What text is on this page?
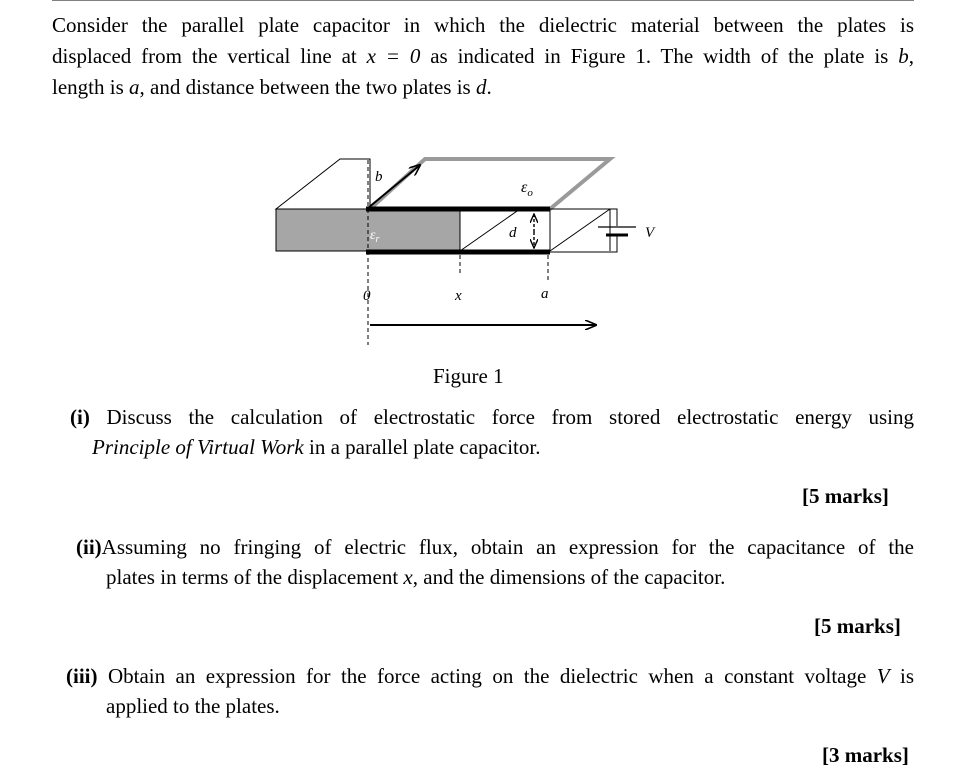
Consider the parallel plate capacitor in which the dielectric material between the plates is
displaced from the vertical line at x = 0 as indicated in Figure 1. The width of the plate is b,
length is a, and distance between the two plates is d.
b
$\varepsilon_o$
$\varepsilon_r$	d	V
0	x	a
Figure 1
(i) Discuss the calculation of electrostatic force from stored electrostatic energy using
Principle of Virtual Work in a parallel plate capacitor.
[5 marks]
(ii)Assuming no fringing of electric flux, obtain an expression for the capacitance of the
plates in terms of the displacement x, and the dimensions of the capacitor.
[5 marks]
(iii) Obtain an expression for the force acting on the dielectric when a constant voltage V is
applied to the plates.
[3 marks]
